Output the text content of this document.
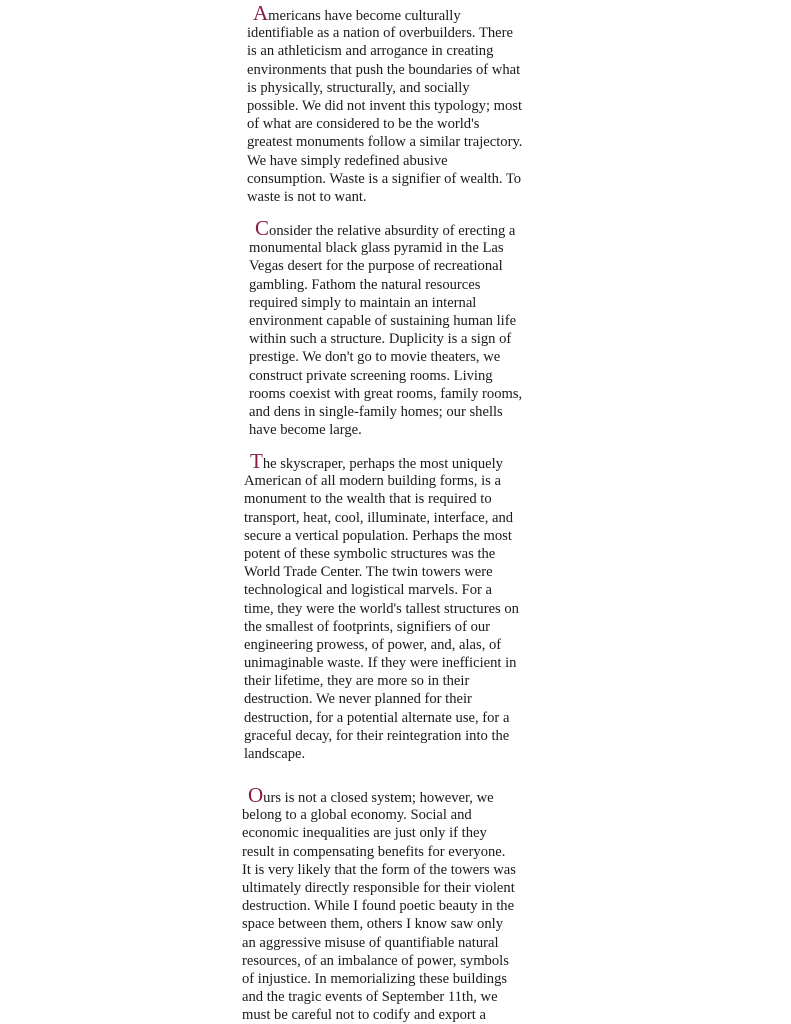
Americans have become culturally
identifiable as a nation of overbuilders. There
is an athleticism and arrogance in creating
environments that push the boundaries of what
is physically, structurally, and socially
possible. We did not invent this typology; most
of what are considered to be the world's
greatest monuments follow a similar trajectory.
We have simply redefined abusive
consumption. Waste is a signifier of wealth. To
waste is not to want.
Consider the relative absurdity of erecting a
monumental black glass pyramid in the Las
Vegas desert for the purpose of recreational
gambling. Fathom the natural resources
required simply to maintain an internal
environment capable of sustaining human life
within such a structure. Duplicity is a sign of
prestige. We don't go to movie theaters, we
construct private screening rooms. Living
rooms coexist with great rooms, family rooms,
and dens in single-family homes; our shells
have become large.
The skyscraper, perhaps the most uniquely
American of all modern building forms, is a
monument to the wealth that is required to
transport, heat, cool, illuminate, interface, and
secure a vertical population. Perhaps the most
potent of these symbolic structures was the
World Trade Center. The twin towers were
technological and logistical marvels. For a
time, they were the world's tallest structures on
the smallest of footprints, signifiers of our
engineering prowess, of power, and, alas, of
unimaginable waste. If they were inefficient in
their lifetime, they are more so in their
destruction. We never planned for their
destruction, for a potential alternate use, for a
graceful decay, for their reintegration into the
landscape.
Ours is not a closed system; however, we
belong to a global economy. Social and
economic inequalities are just only if they
result in compensating benefits for everyone.
It is very likely that the form of the towers was
ultimately directly responsible for their violent
destruction. While I found poetic beauty in the
space between them, others I know saw only
an aggressive misuse of quantifiable natural
resources, of an imbalance of power, symbols
of injustice. In memorializing these buildings
and the tragic events of September 11th, we
must be careful not to codify and export a
